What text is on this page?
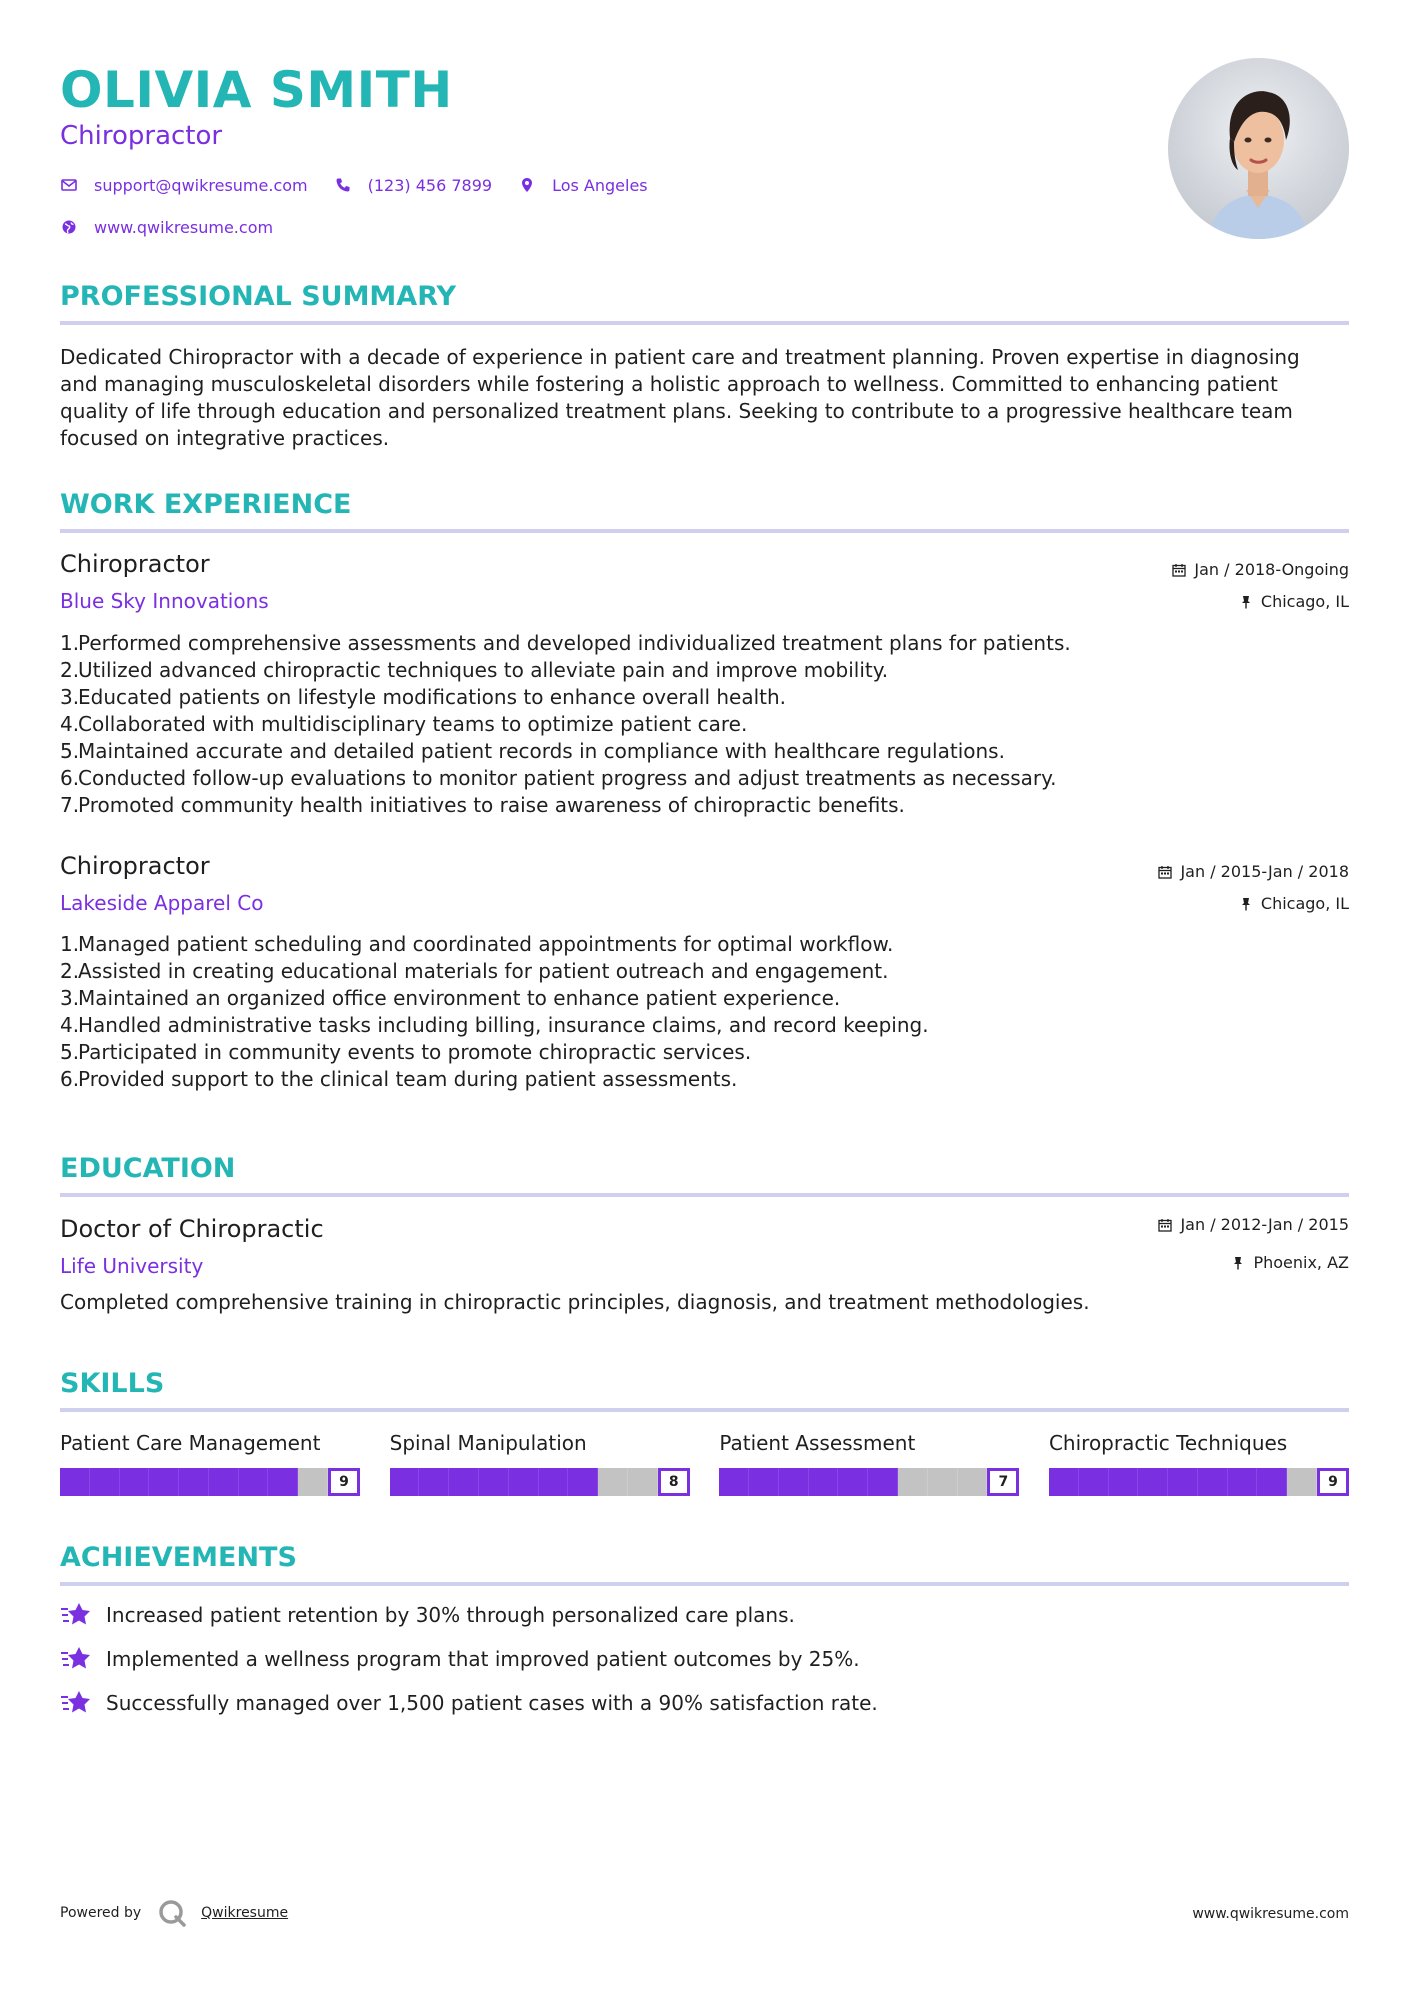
OLIVIA SMITH
Chiropractor
support@qwikresume.com	(123) 456 7899	Los Angeles
www.qwikresume.com
PROFESSIONAL SUMMARY
Dedicated Chiropractor with a decade of experience in patient care and treatment planning. Proven expertise in diagnosing and managing musculoskeletal disorders while fostering a holistic approach to wellness. Committed to enhancing patient quality of life through education and personalized treatment plans. Seeking to contribute to a progressive healthcare team focused on integrative practices.
WORK EXPERIENCE
Chiropractor
Blue Sky Innovations
Jan / 2018-Ongoing
Chicago, IL
1.
Performed comprehensive assessments and developed individualized treatment plans for patients.
2.
Utilized advanced chiropractic techniques to alleviate pain and improve mobility.
3.
Educated patients on lifestyle modifications to enhance overall health.
4.
Collaborated with multidisciplinary teams to optimize patient care.
5.
Maintained accurate and detailed patient records in compliance with healthcare regulations.
6.
Conducted follow-up evaluations to monitor patient progress and adjust treatments as necessary.
7.
Promoted community health initiatives to raise awareness of chiropractic benefits.
Chiropractor
Lakeside Apparel Co
Jan / 2015-Jan / 2018
Chicago, IL
1.
Managed patient scheduling and coordinated appointments for optimal workflow.
2.
Assisted in creating educational materials for patient outreach and engagement.
3.
Maintained an organized office environment to enhance patient experience.
4.
Handled administrative tasks including billing, insurance claims, and record keeping.
5.
Participated in community events to promote chiropractic services.
6.
Provided support to the clinical team during patient assessments.
EDUCATION
Doctor of Chiropractic
Life University
Jan / 2012-Jan / 2015
Phoenix, AZ
Completed comprehensive training in chiropractic principles, diagnosis, and treatment methodologies.
SKILLS
Patient Care Management
9
Spinal Manipulation
8
Patient Assessment
7
Chiropractic Techniques
9
ACHIEVEMENTS
Increased patient retention by 30% through personalized care plans.
Implemented a wellness program that improved patient outcomes by 25%.
Successfully managed over 1,500 patient cases with a 90% satisfaction rate.
Powered by	Qwikresume	www.qwikresume.com
